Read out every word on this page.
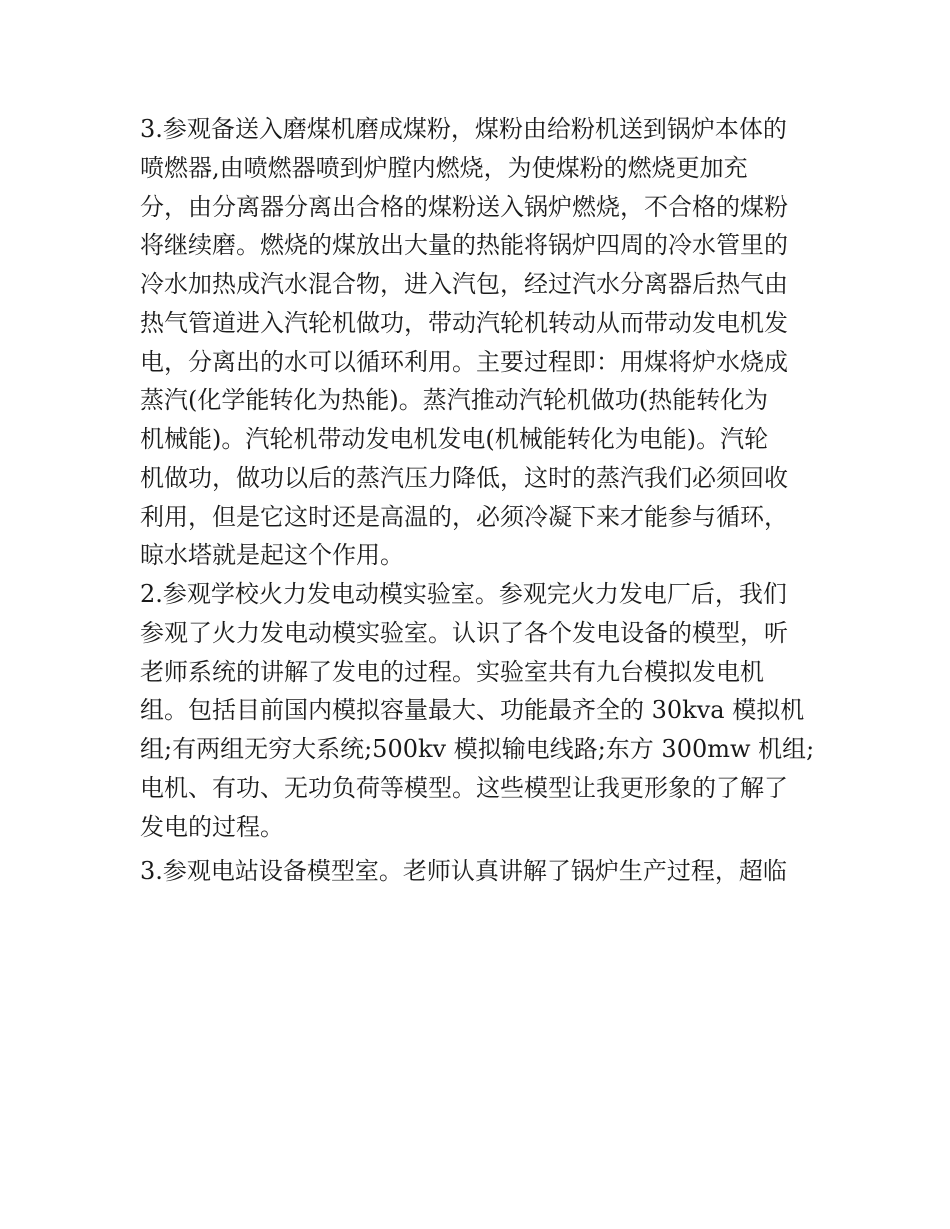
3.参观备送入磨煤机磨成煤粉，煤粉由给粉机送到锅炉本体的
喷燃器,由喷燃器喷到炉膛内燃烧，为使煤粉的燃烧更加充
分，由分离器分离出合格的煤粉送入锅炉燃烧，不合格的煤粉
将继续磨。燃烧的煤放出大量的热能将锅炉四周的冷水管里的
冷水加热成汽水混合物，进入汽包，经过汽水分离器后热气由
热气管道进入汽轮机做功，带动汽轮机转动从而带动发电机发
电，分离出的水可以循环利用。主要过程即：用煤将炉水烧成
蒸汽(化学能转化为热能)。蒸汽推动汽轮机做功(热能转化为
机械能)。汽轮机带动发电机发电(机械能转化为电能)。汽轮
机做功，做功以后的蒸汽压力降低，这时的蒸汽我们必须回收
利用，但是它这时还是高温的，必须冷凝下来才能参与循环，
晾水塔就是起这个作用。
2.参观学校火力发电动模实验室。参观完火力发电厂后，我们
参观了火力发电动模实验室。认识了各个发电设备的模型，听
老师系统的讲解了发电的过程。实验室共有九台模拟发电机
组。包括目前国内模拟容量最大、功能最齐全的 30kva 模拟机
组;有两组无穷大系统;500kv 模拟输电线路;东方 300mw 机组;
电机、有功、无功负荷等模型。这些模型让我更形象的了解了
发电的过程。
3.参观电站设备模型室。老师认真讲解了锅炉生产过程，超临
